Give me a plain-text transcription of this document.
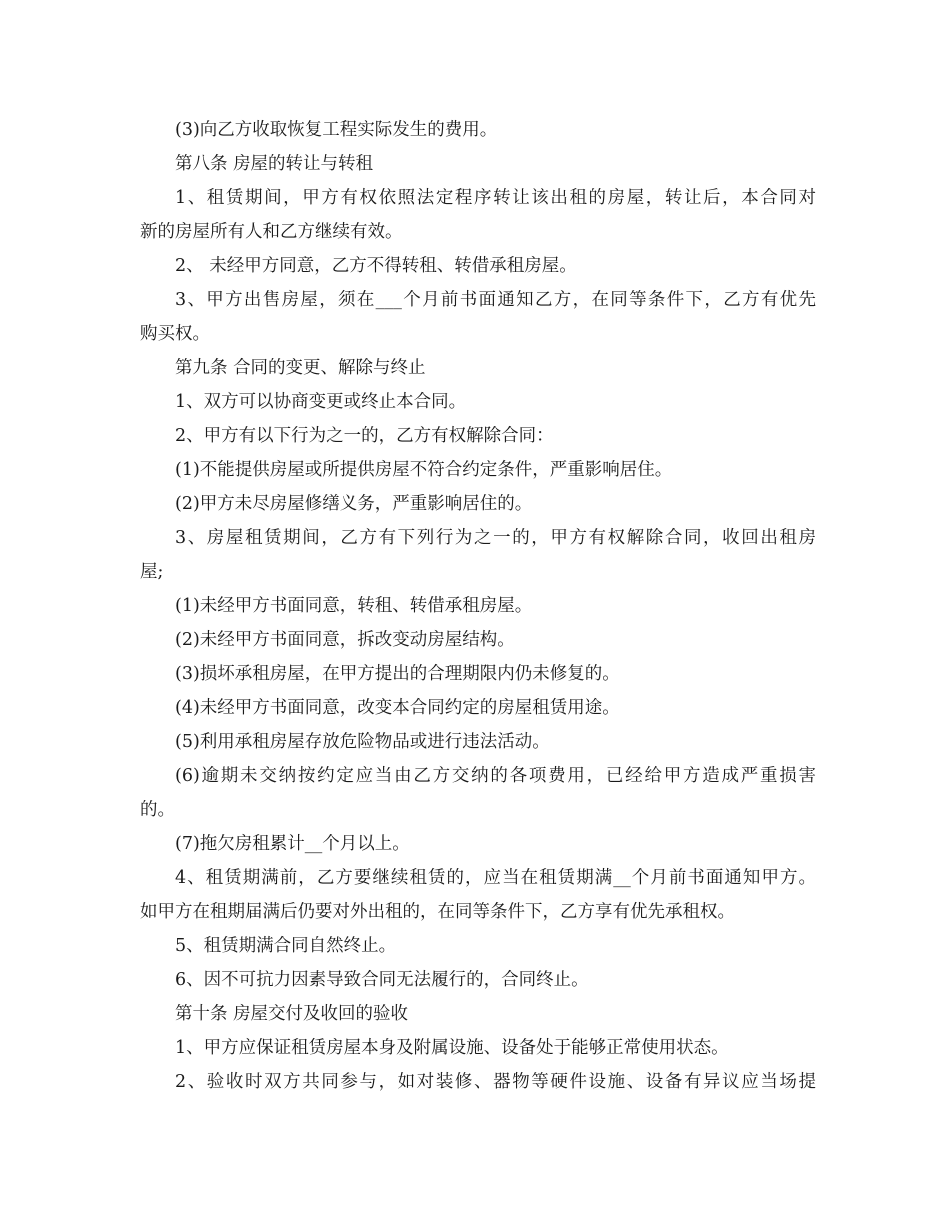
(3)向乙方收取恢复工程实际发生的费用。
第八条 房屋的转让与转租
1、租赁期间，甲方有权依照法定程序转让该出租的房屋，转让后，本合同对
新的房屋所有人和乙方继续有效。
2、 未经甲方同意，乙方不得转租、转借承租房屋。
3、甲方出售房屋，须在___个月前书面通知乙方，在同等条件下，乙方有优先
购买权。
第九条 合同的变更、解除与终止
1、双方可以协商变更或终止本合同。
2、甲方有以下行为之一的，乙方有权解除合同：
(1)不能提供房屋或所提供房屋不符合约定条件，严重影响居住。
(2)甲方未尽房屋修缮义务，严重影响居住的。
3、房屋租赁期间，乙方有下列行为之一的，甲方有权解除合同，收回出租房
屋;
(1)未经甲方书面同意，转租、转借承租房屋。
(2)未经甲方书面同意，拆改变动房屋结构。
(3)损坏承租房屋，在甲方提出的合理期限内仍未修复的。
(4)未经甲方书面同意，改变本合同约定的房屋租赁用途。
(5)利用承租房屋存放危险物品或进行违法活动。
(6)逾期未交纳按约定应当由乙方交纳的各项费用，已经给甲方造成严重损害
的。
(7)拖欠房租累计__个月以上。
4、租赁期满前，乙方要继续租赁的，应当在租赁期满__个月前书面通知甲方。
如甲方在租期届满后仍要对外出租的，在同等条件下，乙方享有优先承租权。
5、租赁期满合同自然终止。
6、因不可抗力因素导致合同无法履行的，合同终止。
第十条 房屋交付及收回的验收
1、甲方应保证租赁房屋本身及附属设施、设备处于能够正常使用状态。
2、验收时双方共同参与，如对装修、器物等硬件设施、设备有异议应当场提
